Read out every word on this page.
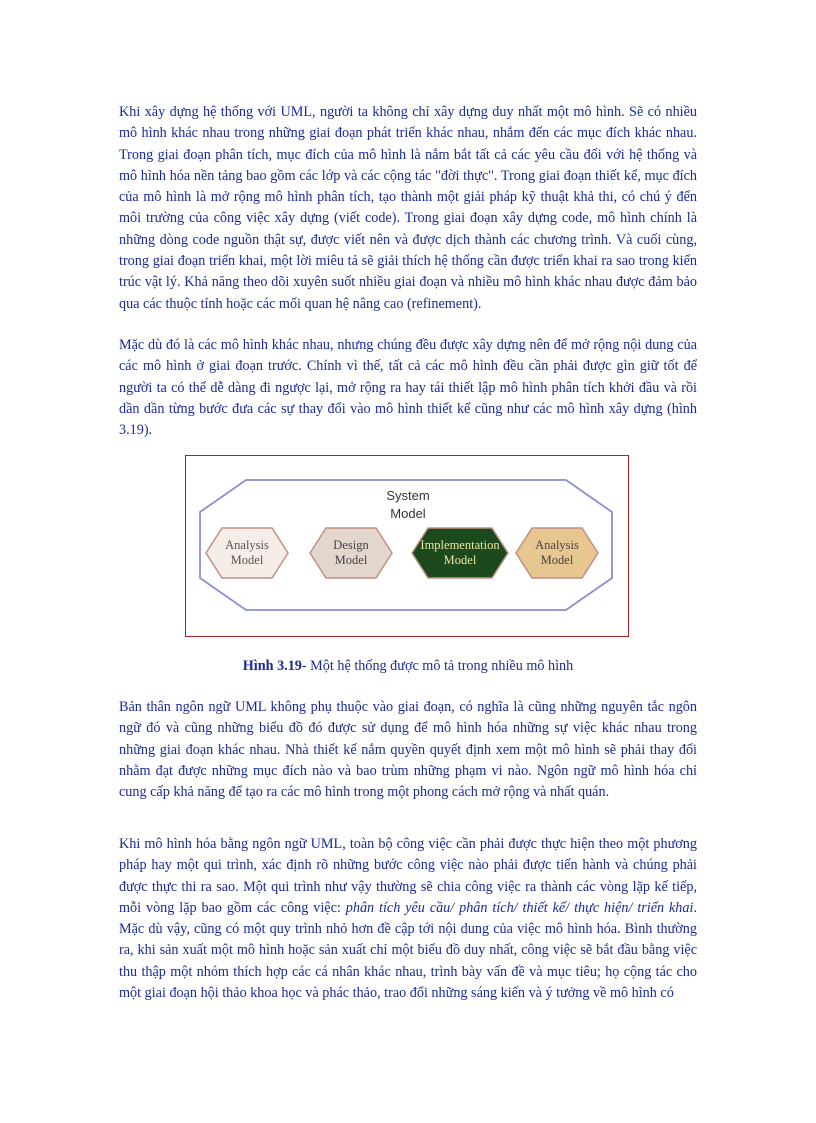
Khi xây dựng hệ thống với UML, người ta không chỉ xây dựng duy nhất một mô hình. Sẽ có nhiều mô hình khác nhau trong những giai đoạn phát triển khác nhau, nhắm đến các mục đích khác nhau. Trong giai đoạn phân tích, mục đích của mô hình là nắm bắt tất cả các yêu cầu đối với hệ thống và mô hình hóa nền tảng bao gồm các lớp và các cộng tác "đời thực". Trong giai đoạn thiết kế, mục đích của mô hình là mở rộng mô hình phân tích, tạo thành một giải pháp kỹ thuật khả thi, có chú ý đến môi trường của công việc xây dựng (viết code). Trong giai đoạn xây dựng code, mô hình chính là những dòng code nguồn thật sự, được viết nên và được dịch thành các chương trình. Và cuối cùng, trong giai đoạn triển khai, một lời miêu tả sẽ giải thích hệ thống cần được triển khai ra sao trong kiến trúc vật lý. Khả năng theo dõi xuyên suốt nhiều giai đoạn và nhiều mô hình khác nhau được đảm bảo qua các thuộc tính hoặc các mối quan hệ nâng cao (refinement).

Mặc dù đó là các mô hình khác nhau, nhưng chúng đều được xây dựng nên để mở rộng nội dung của các mô hình ở giai đoạn trước. Chính vì thế, tất cả các mô hình đều cần phải được gìn giữ tốt để người ta có thể dễ dàng đi ngược lại, mở rộng ra hay tái thiết lập mô hình phân tích khởi đầu và rồi dần dần từng bước đưa các sự thay đổi vào mô hình thiết kế cũng như các mô hình xây dựng (hình 3.19).

System
Model
Analysis
Model
Design
Model
Implementation
Model
Analysis
Model
Hình 3.19- Một hệ thống được mô tả trong nhiều mô hình

Bản thân ngôn ngữ UML không phụ thuộc vào giai đoạn, có nghĩa là cũng những nguyên tắc ngôn ngữ đó và cũng những biểu đồ đó được sử dụng để mô hình hóa những sự việc khác nhau trong những giai đoạn khác nhau. Nhà thiết kế nắm quyền quyết định xem một mô hình sẽ phải thay đổi nhằm đạt được những mục đích nào và bao trùm những phạm vi nào. Ngôn ngữ mô hình hóa chỉ cung cấp khả năng để tạo ra các mô hình trong một phong cách mở rộng và nhất quán.

Khi mô hình hóa bằng ngôn ngữ UML, toàn bộ công việc cần phải được thực hiện theo một phương pháp hay một qui trình, xác định rõ những bước công việc nào phải được tiến hành và chúng phải được thực thi ra sao. Một qui trình như vậy thường sẽ chia công việc ra thành các vòng lặp kế tiếp, mỗi vòng lặp bao gồm các công việc: phân tích yêu cầu/ phân tích/ thiết kế/ thực hiện/ triển khai. Mặc dù vậy, cũng có một quy trình nhỏ hơn đề cập tới nội dung của việc mô hình hóa. Bình thường ra, khi sản xuất một mô hình hoặc sản xuất chỉ một biểu đồ duy nhất, công việc sẽ bắt đầu bằng việc thu thập một nhóm thích hợp các cá nhân khác nhau, trình bày vấn đề và mục tiêu; họ cộng tác cho một giai đoạn hội thảo khoa học và phác thảo, trao đổi những sáng kiến và ý tưởng về mô hình có
